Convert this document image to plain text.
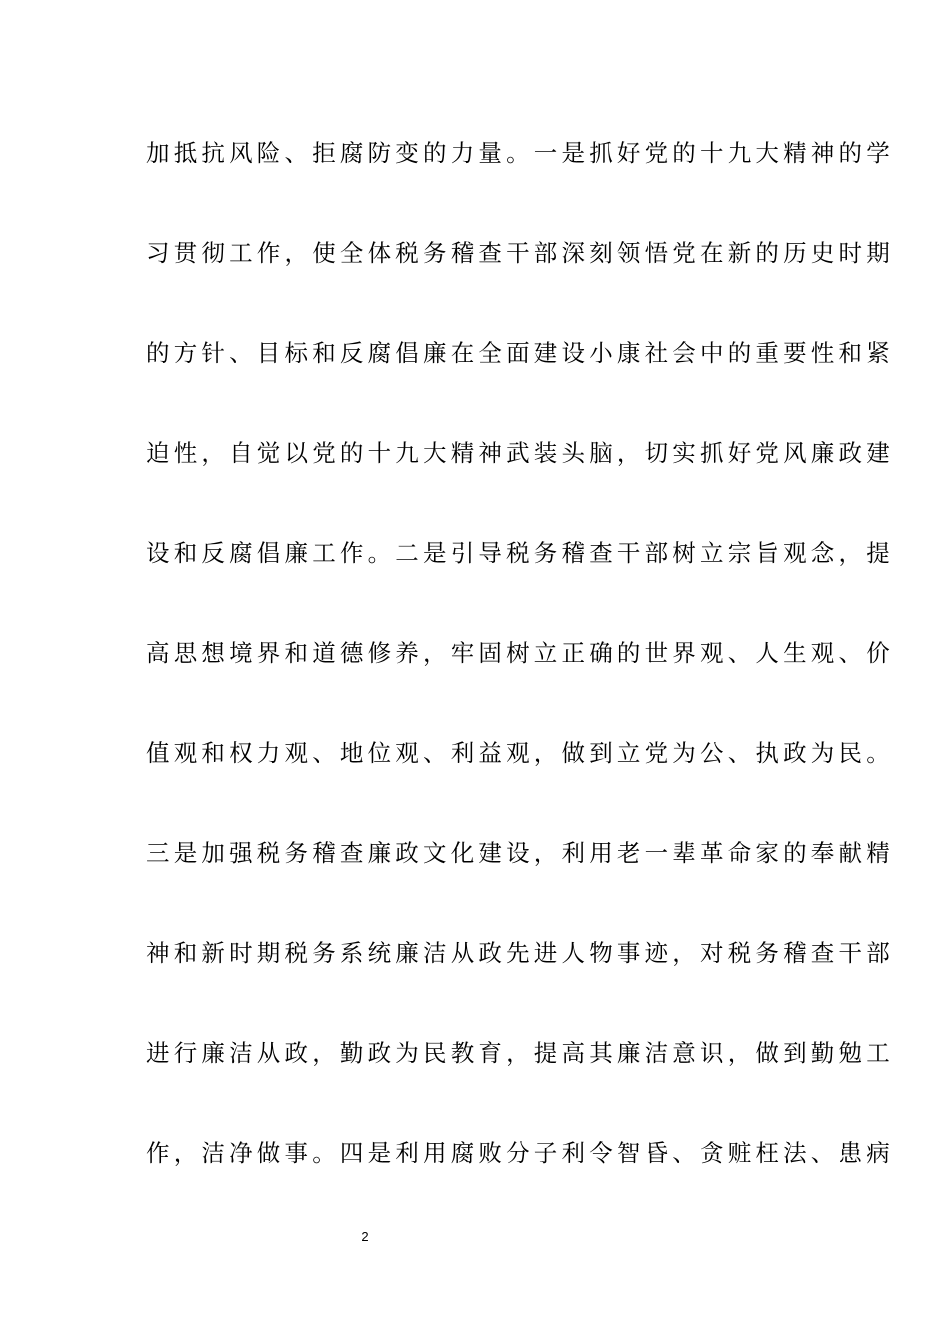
加抵抗风险、拒腐防变的力量。一是抓好党的十九大精神的学
习贯彻工作，使全体税务稽查干部深刻领悟党在新的历史时期
的方针、目标和反腐倡廉在全面建设小康社会中的重要性和紧
迫性，自觉以党的十九大精神武装头脑，切实抓好党风廉政建
设和反腐倡廉工作。二是引导税务稽查干部树立宗旨观念，提
高思想境界和道德修养，牢固树立正确的世界观、人生观、价
值观和权力观、地位观、利益观，做到立党为公、执政为民。
三是加强税务稽查廉政文化建设，利用老一辈革命家的奉献精
神和新时期税务系统廉洁从政先进人物事迹，对税务稽查干部
进行廉洁从政，勤政为民教育，提高其廉洁意识，做到勤勉工
作，洁净做事。四是利用腐败分子利令智昏、贪赃枉法、患病
2
